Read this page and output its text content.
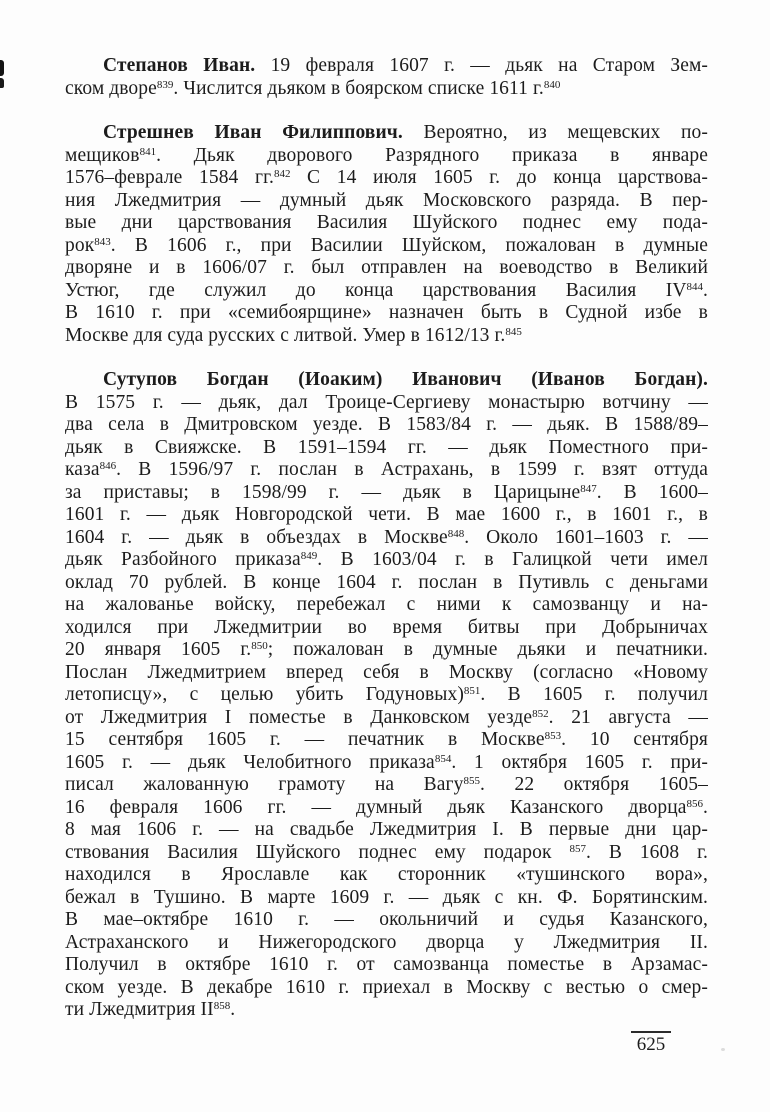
Степанов Иван. 19 февраля 1607 г. — дьяк на Старом Зем-
ском дворе$^{839}$. Числится дьяком в боярском списке 1611 г.$^{840}$
Стрешнев Иван Филиппович. Вероятно, из мещевских по-
мещиков$^{841}$. Дьяк дворового Разрядного приказа в январе
1576–феврале 1584 гг.$^{842}$ С 14 июля 1605 г. до конца царствова-
ния Лжедмитрия — думный дьяк Московского разряда. В пер-
вые дни царствования Василия Шуйского поднес ему пода-
рок$^{843}$. В 1606 г., при Василии Шуйском, пожалован в думные
дворяне и в 1606/07 г. был отправлен на воеводство в Великий
Устюг, где служил до конца царствования Василия IV$^{844}$.
В 1610 г. при «семибоярщине» назначен быть в Судной избе в
Москве для суда русских с литвой. Умер в 1612/13 г.$^{845}$
Сутупов Богдан (Иоаким) Иванович (Иванов Богдан).
В 1575 г. — дьяк, дал Троице-Сергиеву монастырю вотчину —
два села в Дмитровском уезде. В 1583/84 г. — дьяк. В 1588/89–
дьяк в Свияжске. В 1591–1594 гг. — дьяк Поместного при-
каза$^{846}$. В 1596/97 г. послан в Астрахань, в 1599 г. взят оттуда
за приставы; в 1598/99 г. — дьяк в Царицыне$^{847}$. В 1600–
1601 г. — дьяк Новгородской чети. В мае 1600 г., в 1601 г., в
1604 г. — дьяк в объездах в Москве$^{848}$. Около 1601–1603 г. —
дьяк Разбойного приказа$^{849}$. В 1603/04 г. в Галицкой чети имел
оклад 70 рублей. В конце 1604 г. послан в Путивль с деньгами
на жалованье войску, перебежал с ними к самозванцу и на-
ходился при Лжедмитрии во время битвы при Добрыничах
20 января 1605 г.$^{850}$; пожалован в думные дьяки и печатники.
Послан Лжедмитрием вперед себя в Москву (согласно «Новому
летописцу», с целью убить Годуновых)$^{851}$. В 1605 г. получил
от Лжедмитрия I поместье в Данковском уезде$^{852}$. 21 августа —
15 сентября 1605 г. — печатник в Москве$^{853}$. 10 сентября
1605 г. — дьяк Челобитного приказа$^{854}$. 1 октября 1605 г. при-
писал жалованную грамоту на Вагу$^{855}$. 22 октября 1605–
16 февраля 1606 гг. — думный дьяк Казанского дворца$^{856}$.
8 мая 1606 г. — на свадьбе Лжедмитрия I. В первые дни цар-
ствования Василия Шуйского поднес ему подарок $^{857}$. В 1608 г.
находился в Ярославле как сторонник «тушинского вора»,
бежал в Тушино. В марте 1609 г. — дьяк с кн. Ф. Борятинским.
В мае–октябре 1610 г. — окольничий и судья Казанского,
Астраханского и Нижегородского дворца у Лжедмитрия II.
Получил в октябре 1610 г. от самозванца поместье в Арзамас-
ском уезде. В декабре 1610 г. приехал в Москву с вестью о смер-
ти Лжедмитрия II$^{858}$.
625
